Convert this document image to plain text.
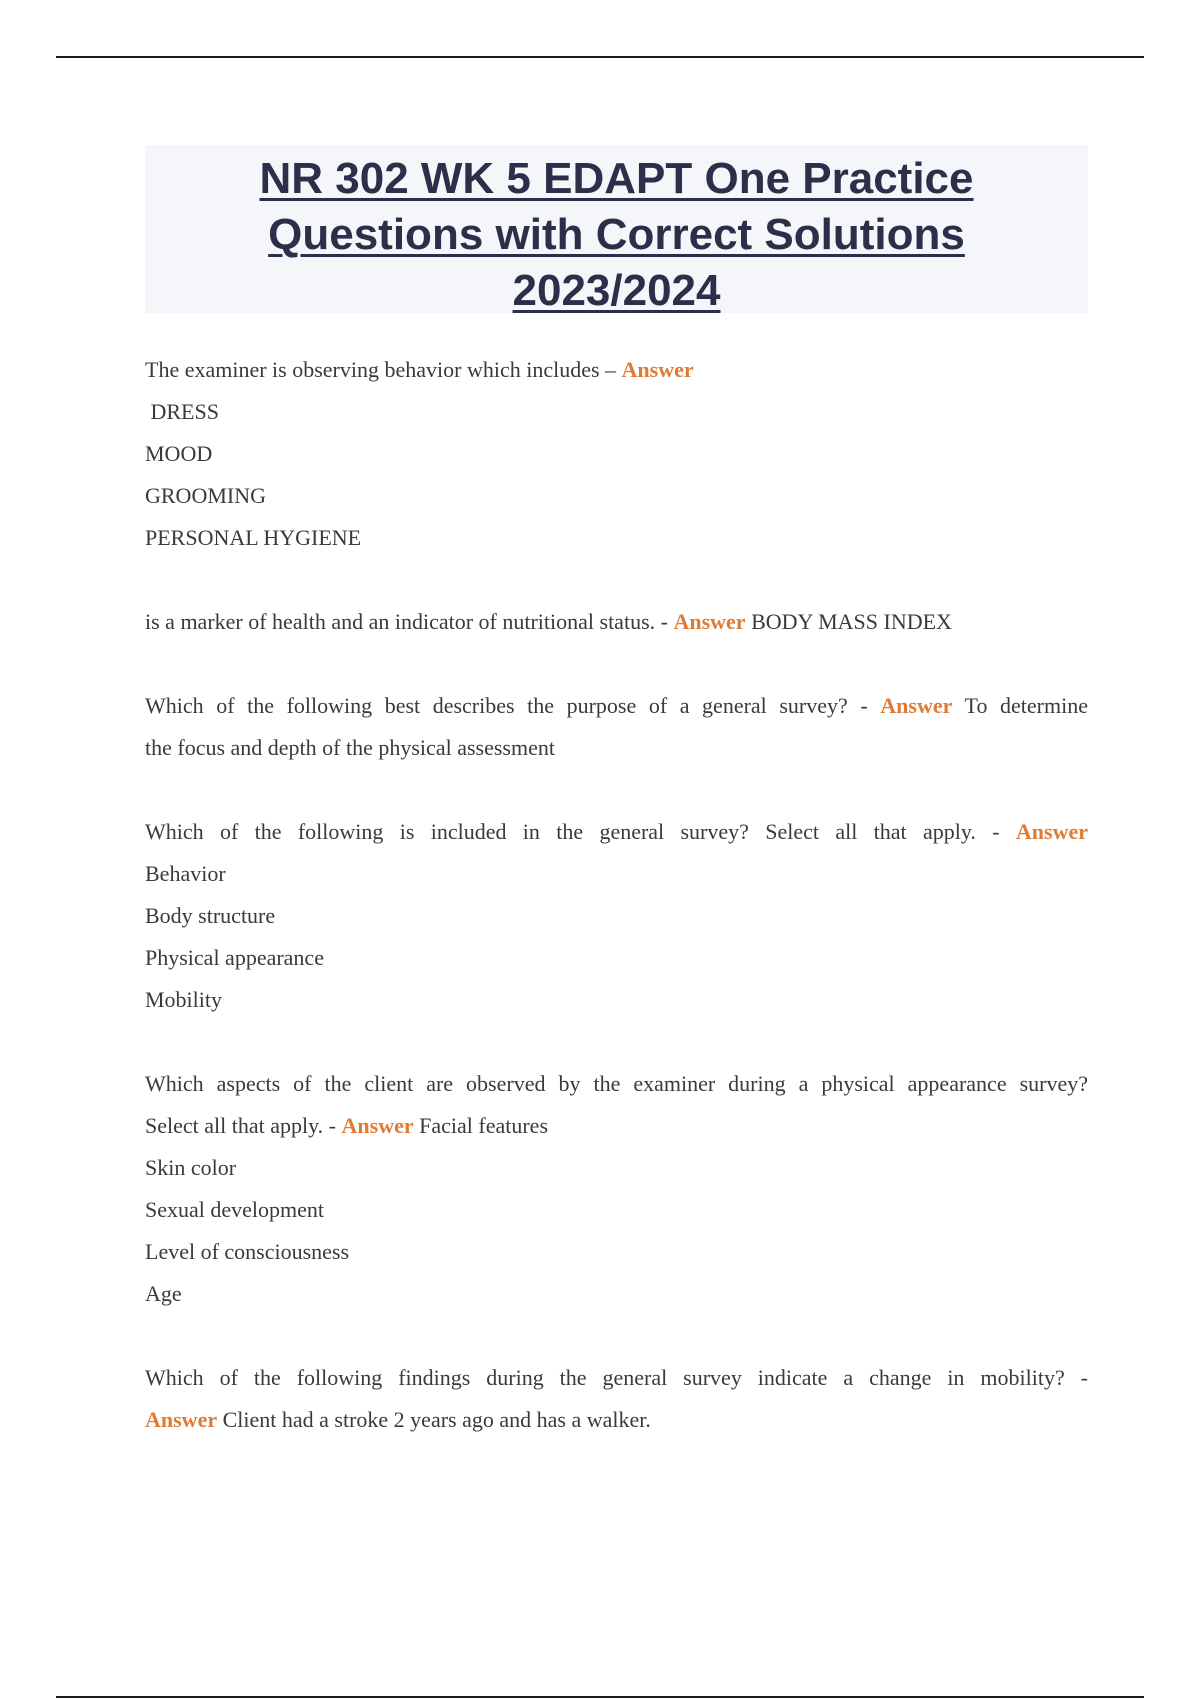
NR 302 WK 5 EDAPT One Practice
Questions with Correct Solutions
2023/2024
The examiner is observing behavior which includes – Answer
DRESS
MOOD
GROOMING
PERSONAL HYGIENE
is a marker of health and an indicator of nutritional status. - Answer BODY MASS INDEX
Which of the following best describes the purpose of a general survey? - Answer To determine
the focus and depth of the physical assessment
Which of the following is included in the general survey? Select all that apply. - Answer
Behavior
Body structure
Physical appearance
Mobility
Which aspects of the client are observed by the examiner during a physical appearance survey?
Select all that apply. - Answer Facial features
Skin color
Sexual development
Level of consciousness
Age
Which of the following findings during the general survey indicate a change in mobility? -
Answer Client had a stroke 2 years ago and has a walker.
